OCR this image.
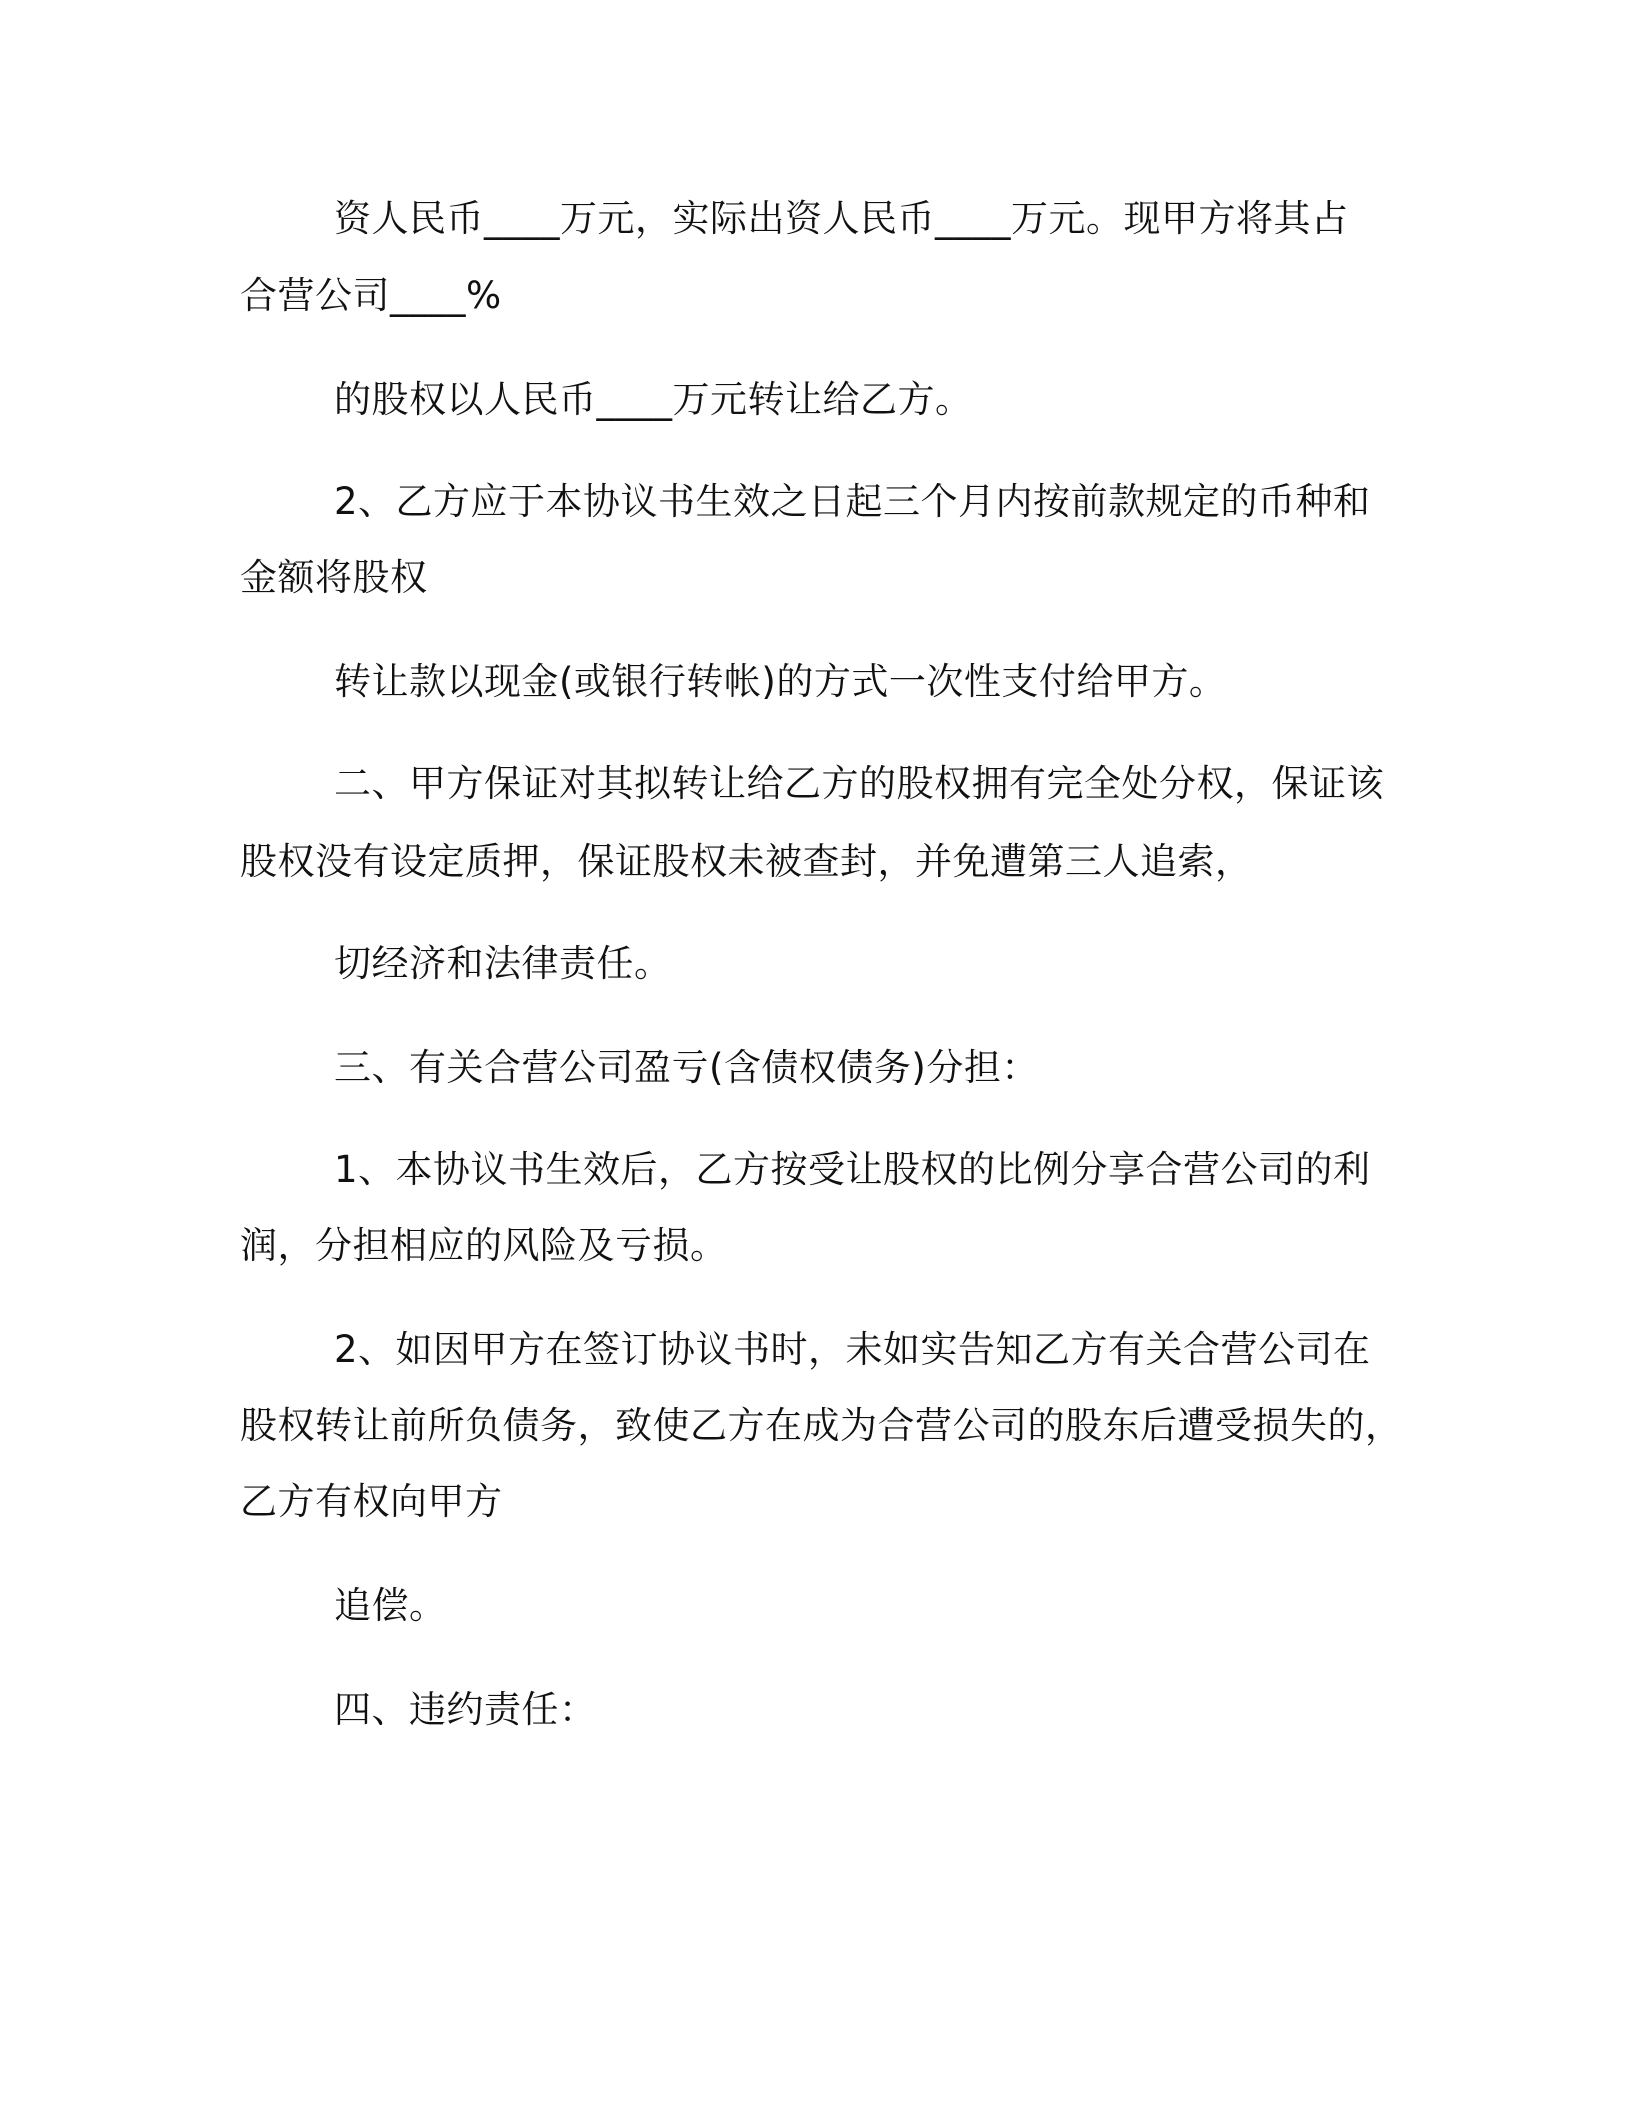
资人民币____万元，实际出资人民币____万元。现甲方将其占
合营公司____%
的股权以人民币____万元转让给乙方。
2、乙方应于本协议书生效之日起三个月内按前款规定的币种和
金额将股权
转让款以现金(或银行转帐)的方式一次性支付给甲方。
二、甲方保证对其拟转让给乙方的股权拥有完全处分权，保证该
股权没有设定质押，保证股权未被查封，并免遭第三人追索，
切经济和法律责任。
三、有关合营公司盈亏(含债权债务)分担：
1、本协议书生效后，乙方按受让股权的比例分享合营公司的利
润，分担相应的风险及亏损。
2、如因甲方在签订协议书时，未如实告知乙方有关合营公司在
股权转让前所负债务，致使乙方在成为合营公司的股东后遭受损失的，
乙方有权向甲方
追偿。
四、违约责任：
